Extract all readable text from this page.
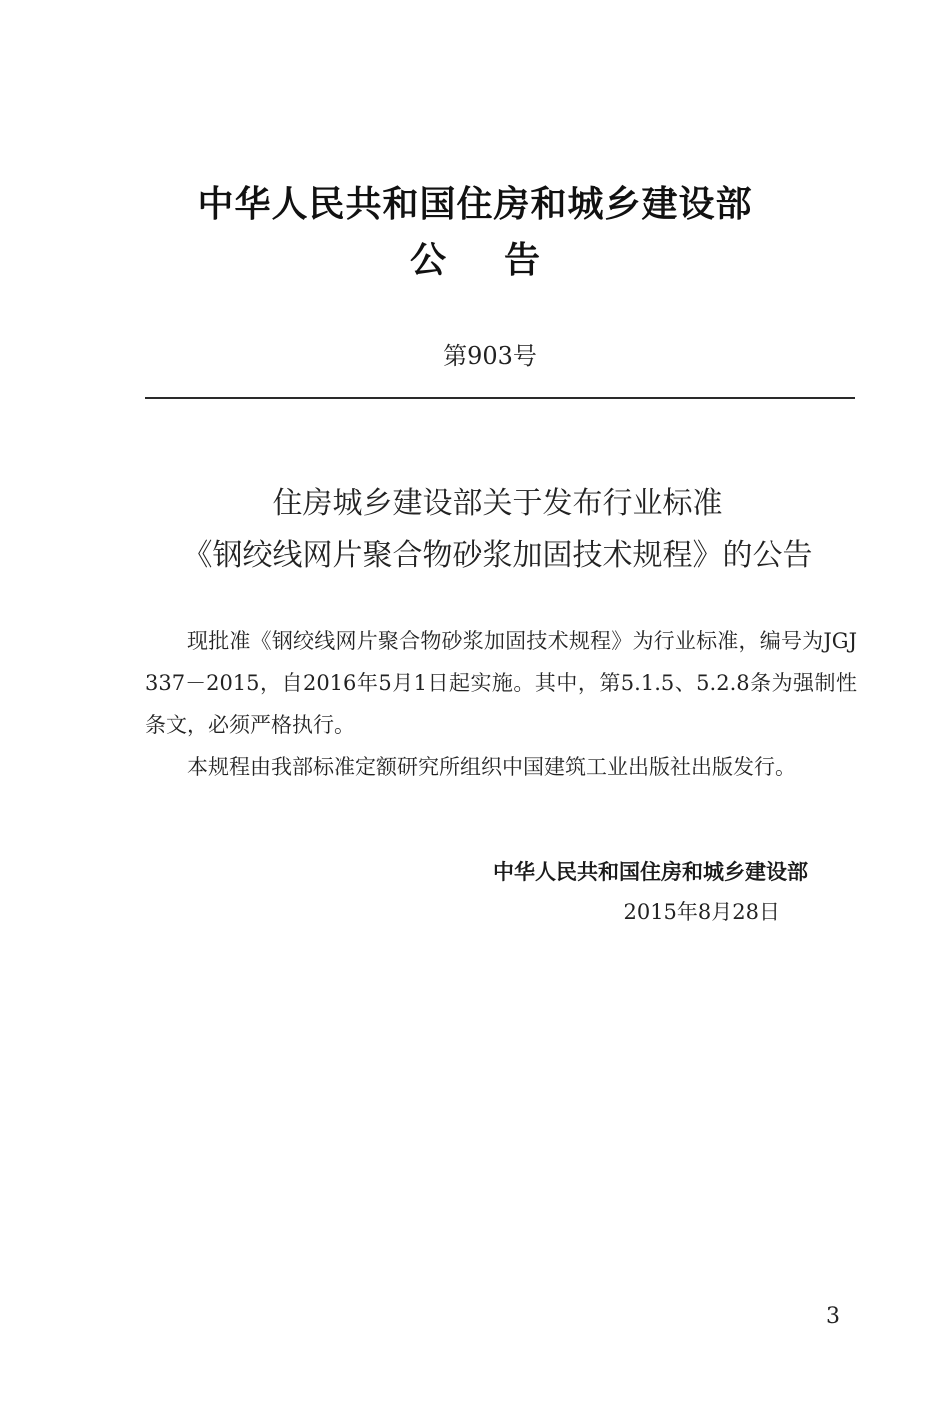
中华人民共和国住房和城乡建设部
公告
第903号
住房城乡建设部关于发布行业标准
《钢绞线网片聚合物砂浆加固技术规程》的公告

现批准《钢绞线网片聚合物砂浆加固技术规程》为行业标准，编号为JGJ 337－2015，自2016年5月1日起实施。其中，第5.1.5、5.2.8条为强制性条文，必须严格执行。

本规程由我部标准定额研究所组织中国建筑工业出版社出版发行。

中华人民共和国住房和城乡建设部
2015年8月28日
3
